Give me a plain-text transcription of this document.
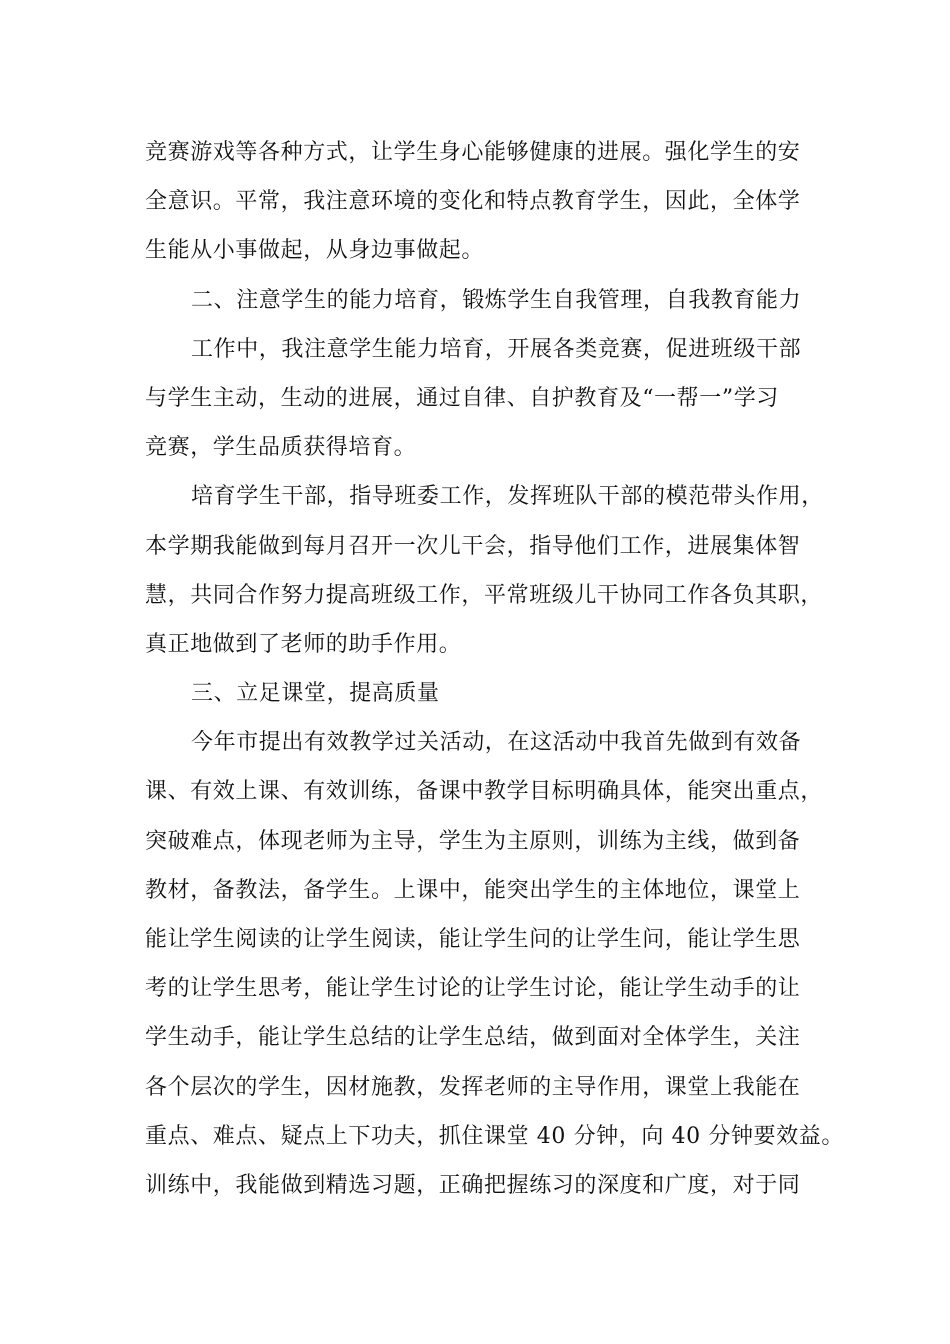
竞赛游戏等各种方式，让学生身心能够健康的进展。强化学生的安
全意识。平常，我注意环境的变化和特点教育学生，因此，全体学
生能从小事做起，从身边事做起。
二、注意学生的能力培育，锻炼学生自我管理，自我教育能力
工作中，我注意学生能力培育，开展各类竞赛，促进班级干部
与学生主动，生动的进展，通过自律、自护教育及“一帮一”学习
竞赛，学生品质获得培育。
培育学生干部，指导班委工作，发挥班队干部的模范带头作用，
本学期我能做到每月召开一次儿干会，指导他们工作，进展集体智
慧，共同合作努力提高班级工作，平常班级儿干协同工作各负其职，
真正地做到了老师的助手作用。
三、立足课堂，提高质量
今年市提出有效教学过关活动，在这活动中我首先做到有效备
课、有效上课、有效训练，备课中教学目标明确具体，能突出重点，
突破难点，体现老师为主导，学生为主原则，训练为主线，做到备
教材，备教法，备学生。上课中，能突出学生的主体地位，课堂上
能让学生阅读的让学生阅读，能让学生问的让学生问，能让学生思
考的让学生思考，能让学生讨论的让学生讨论，能让学生动手的让
学生动手，能让学生总结的让学生总结，做到面对全体学生，关注
各个层次的学生，因材施教，发挥老师的主导作用，课堂上我能在
重点、难点、疑点上下功夫，抓住课堂 40 分钟，向 40 分钟要效益。
训练中，我能做到精选习题，正确把握练习的深度和广度，对于同
